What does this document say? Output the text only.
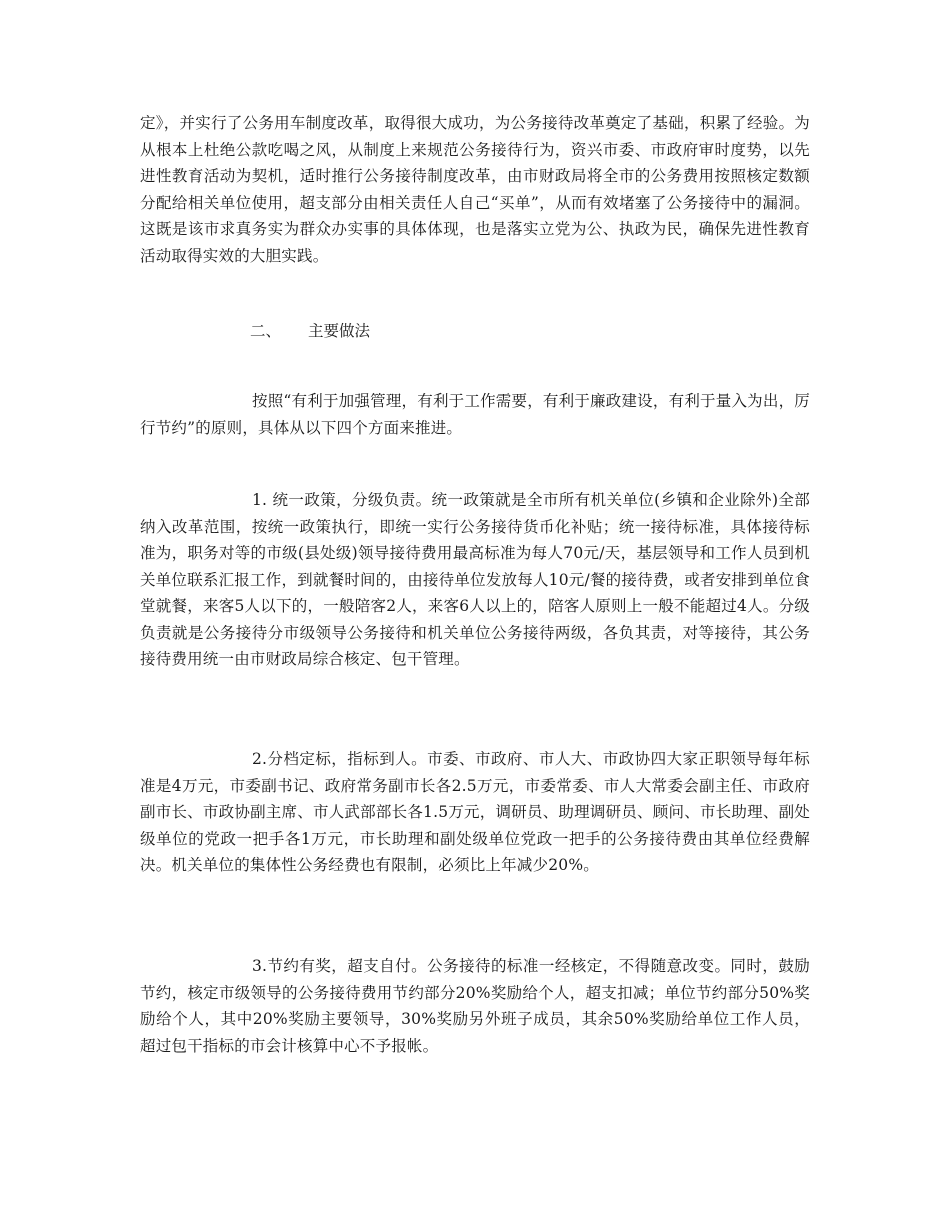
定》，并实行了公务用车制度改革，取得很大成功，为公务接待改革奠定了基础，积累了经验。为从根本上杜绝公款吃喝之风，从制度上来规范公务接待行为，资兴市委、市政府审时度势，以先进性教育活动为契机，适时推行公务接待制度改革，由市财政局将全市的公务费用按照核定数额分配给相关单位使用，超支部分由相关责任人自己“买单”，从而有效堵塞了公务接待中的漏洞。这既是该市求真务实为群众办实事的具体体现，也是落实立党为公、执政为民，确保先进性教育活动取得实效的大胆实践。

二、 主要做法

按照“有利于加强管理，有利于工作需要，有利于廉政建设，有利于量入为出，厉行节约”的原则，具体从以下四个方面来推进。

1. 统一政策，分级负责。统一政策就是全市所有机关单位(乡镇和企业除外)全部纳入改革范围，按统一政策执行，即统一实行公务接待货币化补贴；统一接待标准，具体接待标准为，职务对等的市级(县处级)领导接待费用最高标准为每人70元/天，基层领导和工作人员到机关单位联系汇报工作，到就餐时间的，由接待单位发放每人10元/餐的接待费，或者安排到单位食堂就餐，来客5人以下的，一般陪客2人，来客6人以上的，陪客人原则上一般不能超过4人。分级负责就是公务接待分市级领导公务接待和机关单位公务接待两级，各负其责，对等接待，其公务接待费用统一由市财政局综合核定、包干管理。

2.分档定标，指标到人。市委、市政府、市人大、市政协四大家正职领导每年标准是4万元，市委副书记、政府常务副市长各2.5万元，市委常委、市人大常委会副主任、市政府副市长、市政协副主席、市人武部部长各1.5万元，调研员、助理调研员、顾问、市长助理、副处级单位的党政一把手各1万元，市长助理和副处级单位党政一把手的公务接待费由其单位经费解决。机关单位的集体性公务经费也有限制，必须比上年减少20%。

3.节约有奖，超支自付。公务接待的标准一经核定，不得随意改变。同时，鼓励节约，核定市级领导的公务接待费用节约部分20%奖励给个人，超支扣减；单位节约部分50%奖励给个人，其中20%奖励主要领导，30%奖励另外班子成员，其余50%奖励给单位工作人员，超过包干指标的市会计核算中心不予报帐。
